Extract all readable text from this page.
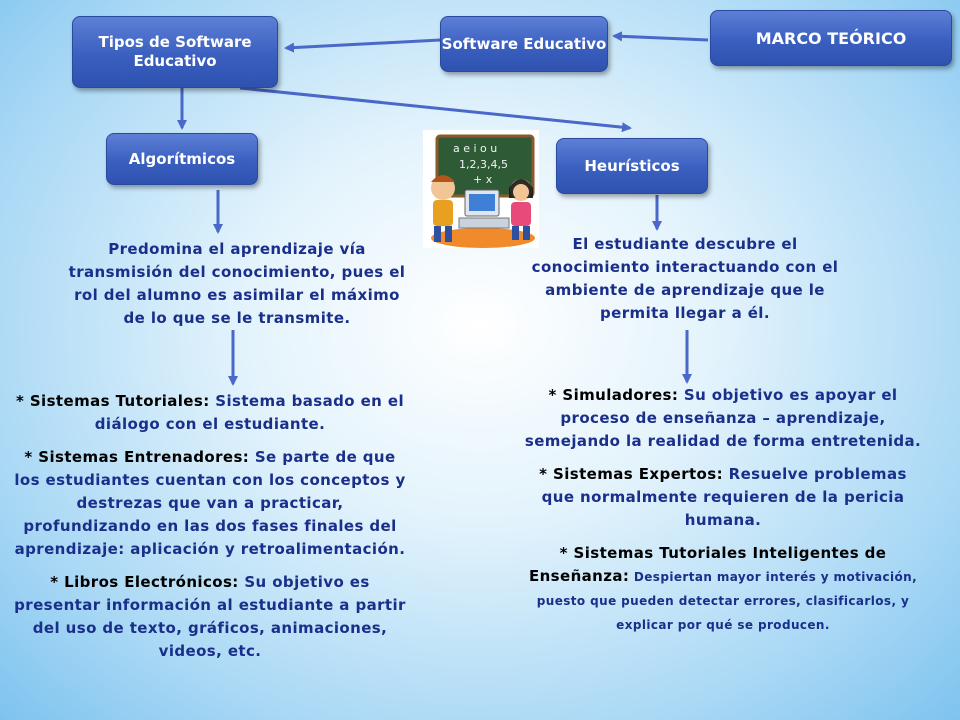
Tipos de Software Educativo
Software Educativo	MARCO TEÓRICO
Algorítmicos	Heurísticos
a e i o u
1,2,3,4,5
+ x
Predomina el aprendizaje vía transmisión del conocimiento, pues el rol del alumno es asimilar el máximo de lo que se le transmite.
El estudiante descubre el conocimiento interactuando con el ambiente de aprendizaje que le permita llegar a él.

* Sistemas Tutoriales: Sistema basado en el diálogo con el estudiante.

* Sistemas Entrenadores: Se parte de que los estudiantes cuentan con los conceptos y destrezas que van a practicar, profundizando en las dos fases finales del aprendizaje: aplicación y retroalimentación.

* Libros Electrónicos: Su objetivo es presentar información al estudiante a partir del uso de texto, gráficos, animaciones, videos, etc.

* Simuladores: Su objetivo es apoyar el proceso de enseñanza – aprendizaje, semejando la realidad de forma entretenida.

* Sistemas Expertos: Resuelve problemas que normalmente requieren de la pericia humana.

* Sistemas Tutoriales Inteligentes de Enseñanza: Despiertan mayor interés y motivación, puesto que pueden detectar errores, clasificarlos, y explicar por qué se producen.
